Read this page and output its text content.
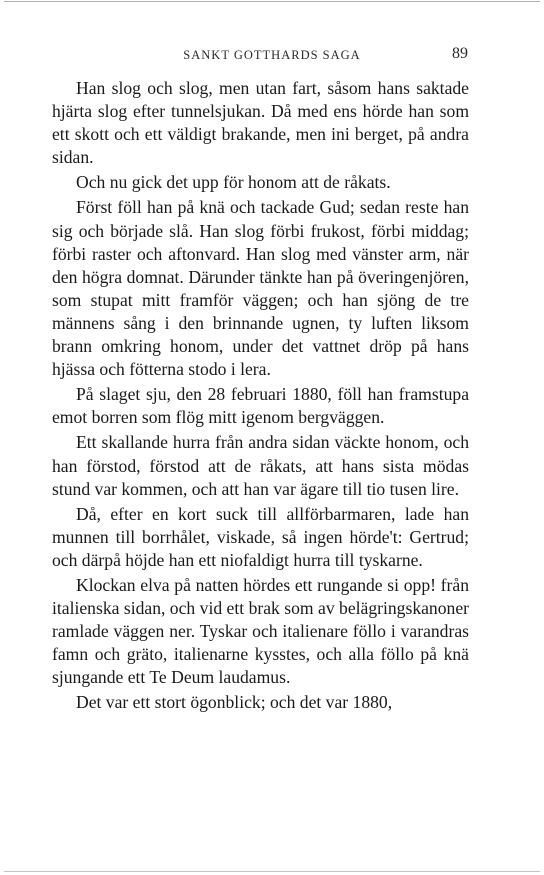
SANKT GOTTHARDS SAGA	89

Han slog och slog, men utan fart, såsom hans saktade hjärta slog efter tunnelsjukan. Då med ens hörde han som ett skott och ett väldigt brakande, men ini berget, på andra sidan.

Och nu gick det upp för honom att de råkats.

Först föll han på knä och tackade Gud; sedan reste han sig och började slå. Han slog förbi frukost, förbi middag; förbi raster och aftonvard. Han slog med vänster arm, när den högra domnat. Därunder tänkte han på överingenjören, som stupat mitt framför väggen; och han sjöng de tre männens sång i den brinnande ugnen, ty luften liksom brann omkring honom, under det vattnet dröp på hans hjässa och fötterna stodo i lera.

På slaget sju, den 28 februari 1880, föll han framstupa emot borren som flög mitt igenom bergväggen.

Ett skallande hurra från andra sidan väckte honom, och han förstod, förstod att de råkats, att hans sista mödas stund var kommen, och att han var ägare till tio tusen lire.

Då, efter en kort suck till allförbarmaren, lade han munnen till borrhålet, viskade, så ingen hörde't: Gertrud; och därpå höjde han ett niofaldigt hurra till tyskarne.

Klockan elva på natten hördes ett rungande si opp! från italienska sidan, och vid ett brak som av belägringskanoner ramlade väggen ner. Tyskar och italienare föllo i varandras famn och gräto, italienarne kysstes, och alla föllo på knä sjungande ett Te Deum laudamus.

Det var ett stort ögonblick; och det var 1880,
